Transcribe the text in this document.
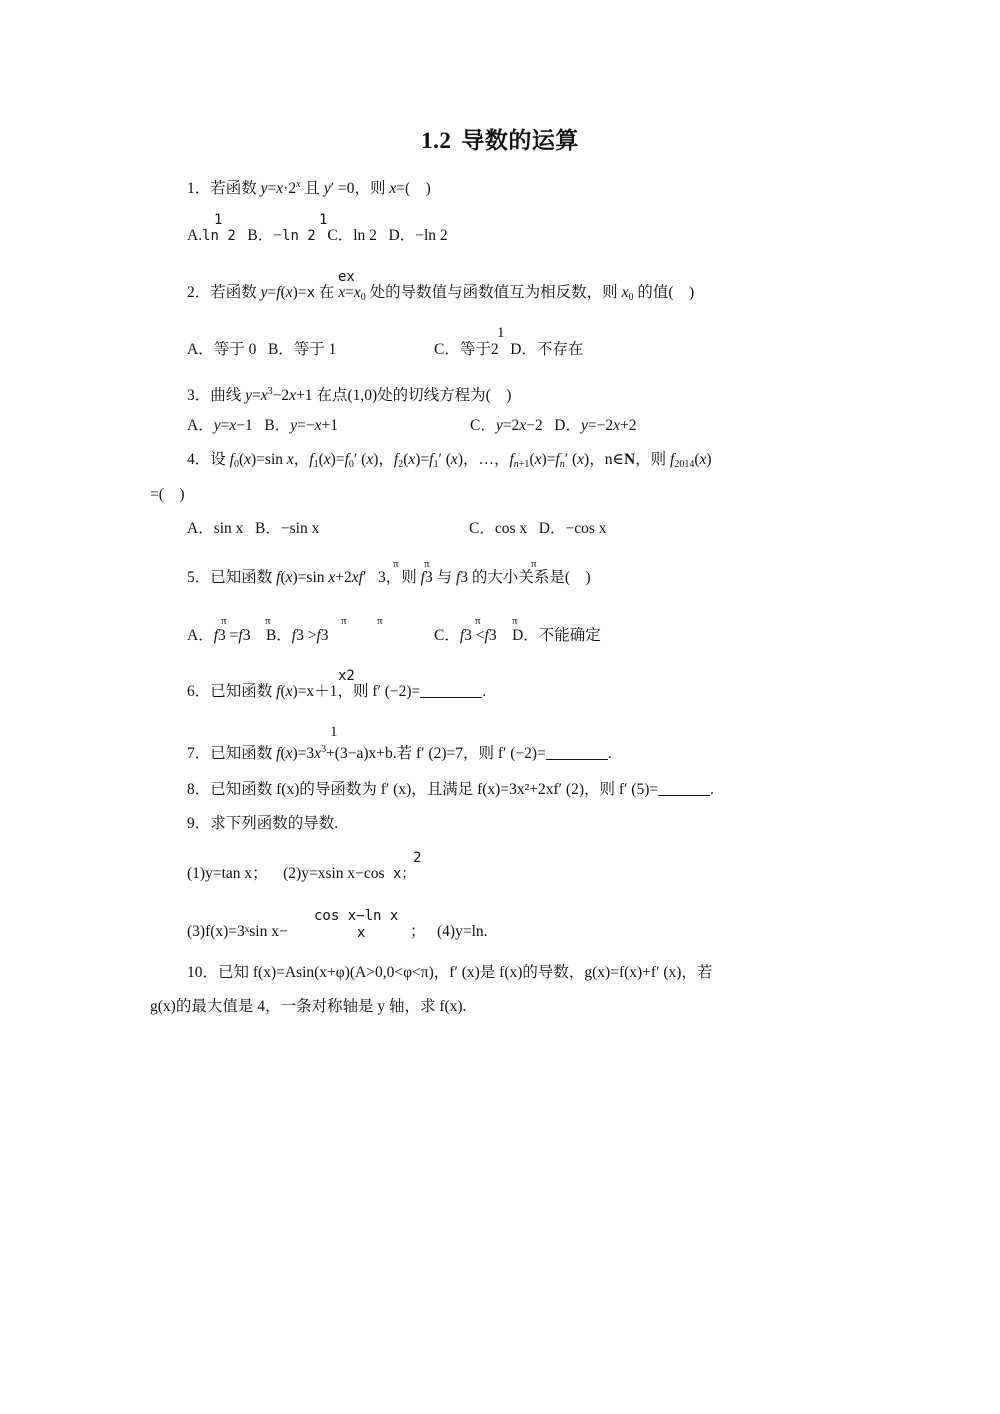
1.2 导数的运算
1．若函数 $y=x\cdot 2^x$ 且 y′ =0，则 x=(　)
1	1
A.ln 2 B．−ln 2 C．ln 2 D．−ln 2
ex
2．若函数 y=f(x)=x 在 $x=x_0$ 处的导数值与函数值互为相反数，则 $x_0$ 的值(　)
1
A．等于 0 B．等于 1	C．等于2 D．不存在
3．曲线 $y=x^3-2x+1$ 在点(1,0)处的切线方程为(　)
A．y=x−1 B．y=−x+1	C．y=2x−2 D．y=−2x+2
4．设 $f_0(x)=\sin$ x，$f_1(x)=f_0'$ (x)，$f_2(x)=f_1'$ (x)，…，$f_{n+1}(x)=f_n'$ (x)，n∈N，则 $f_{2014}(x)$
=(　)
A．sin x B．−sin x	C．cos x D．−cos x
π
π	π
5．已知函数 f(x)=sin x+2xf′   3，则 f3 与 f3 的大小关系是(　)
π	π	π	π	π	π
A．f3 =f3 B．f3 >f3	C．f3 <f3 D．不能确定
x2
6．已知函数 f(x)=x＋1，则 f′ (−2)=	.
1
7．已知函数 $f(x)=3x^3+(3-a)x+b$.若 f′ (2)=7，则 f′ (−2)=	.
8．已知函数 f(x)的导函数为 f′ (x)，且满足 f(x)=3x²+2xf′ (2)，则 f′ (5)=	.
9．求下列函数的导数.
2
(1)y=tan x； (2)y=xsin x−cos x；
cos x−ln x
x
(3)f(x)=3ˣsin x−	； (4)y=ln.
10．已知 f(x)=Asin(x+φ)(A>0,0<φ<π)，f′ (x)是 f(x)的导数，g(x)=f(x)+f′ (x)，若
g(x)的最大值是 4，一条对称轴是 y 轴，求 f(x).
